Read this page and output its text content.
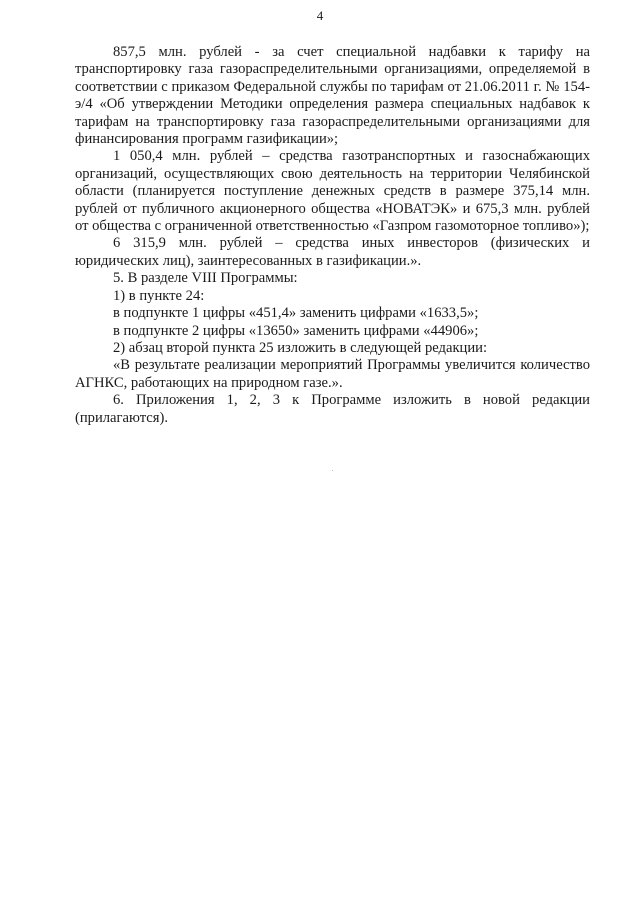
4

857,5 млн. рублей - за счет специальной надбавки к тарифу на транспортировку газа газораспределительными организациями, определяемой в соответствии с приказом Федеральной службы по тарифам от 21.06.2011 г. № 154-э/4 «Об утверждении Методики определения размера специальных надбавок к тарифам на транспортировку газа газораспределительными организациями для финансирования программ газификации»;

1 050,4 млн. рублей – средства газотранспортных и газоснабжающих организаций, осуществляющих свою деятельность на территории Челябинской области (планируется поступление денежных средств в размере 375,14 млн. рублей от публичного акционерного общества «НОВАТЭК» и 675,3 млн. рублей от общества с ограниченной ответственностью «Газпром газомоторное топливо»);

6 315,9 млн. рублей – средства иных инвесторов (физических и юридических лиц), заинтересованных в газификации.».

5. В разделе VIII Программы:

1) в пункте 24:

в подпункте 1 цифры «451,4» заменить цифрами «1633,5»;

в подпункте 2 цифры «13650» заменить цифрами «44906»;

2) абзац второй пункта 25 изложить в следующей редакции:

«В результате реализации мероприятий Программы увеличится количество АГНКС, работающих на природном газе.».

6. Приложения 1, 2, 3 к Программе изложить в новой редакции (прилагаются).
